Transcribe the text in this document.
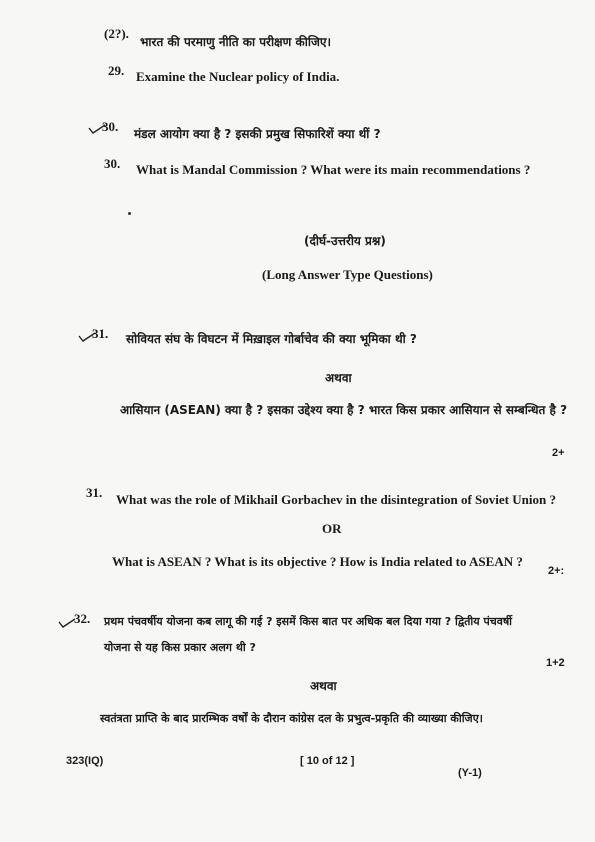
(2?).
भारत की परमाणु नीति का परीक्षण कीजिए।
29. Examine the Nuclear policy of India.
30. मंडल आयोग क्या है ? इसकी प्रमुख सिफारिशें क्या थीं ?
30. What is Mandal Commission ? What were its main recommendations ?
(दीर्घ-उत्तरीय प्रश्न)
(Long Answer Type Questions)
31. सोवियत संघ के विघटन में मिख़ाइल गोर्बाचेव की क्या भूमिका थी ?
अथवा
आसियान (ASEAN) क्या है ? इसका उद्देश्य क्या है ? भारत किस प्रकार आसियान से सम्बन्धित है ?
2+
31. What was the role of Mikhail Gorbachev in the disintegration of Soviet Union ?
OR
What is ASEAN ? What is its objective ? How is India related to ASEAN ?
2+:
32. प्रथम पंचवर्षीय योजना कब लागू की गई ? इसमें किस बात पर अधिक बल दिया गया ? द्वितीय पंचवर्षी
योजना से यह किस प्रकार अलग थी ?
1+2
अथवा
स्वतंत्रता प्राप्ति के बाद प्रारम्भिक वर्षों के दौरान कांग्रेस दल के प्रभुत्व-प्रकृति की व्याख्या कीजिए।
323(IQ)	[ 10 of 12 ]
(Y-1)
